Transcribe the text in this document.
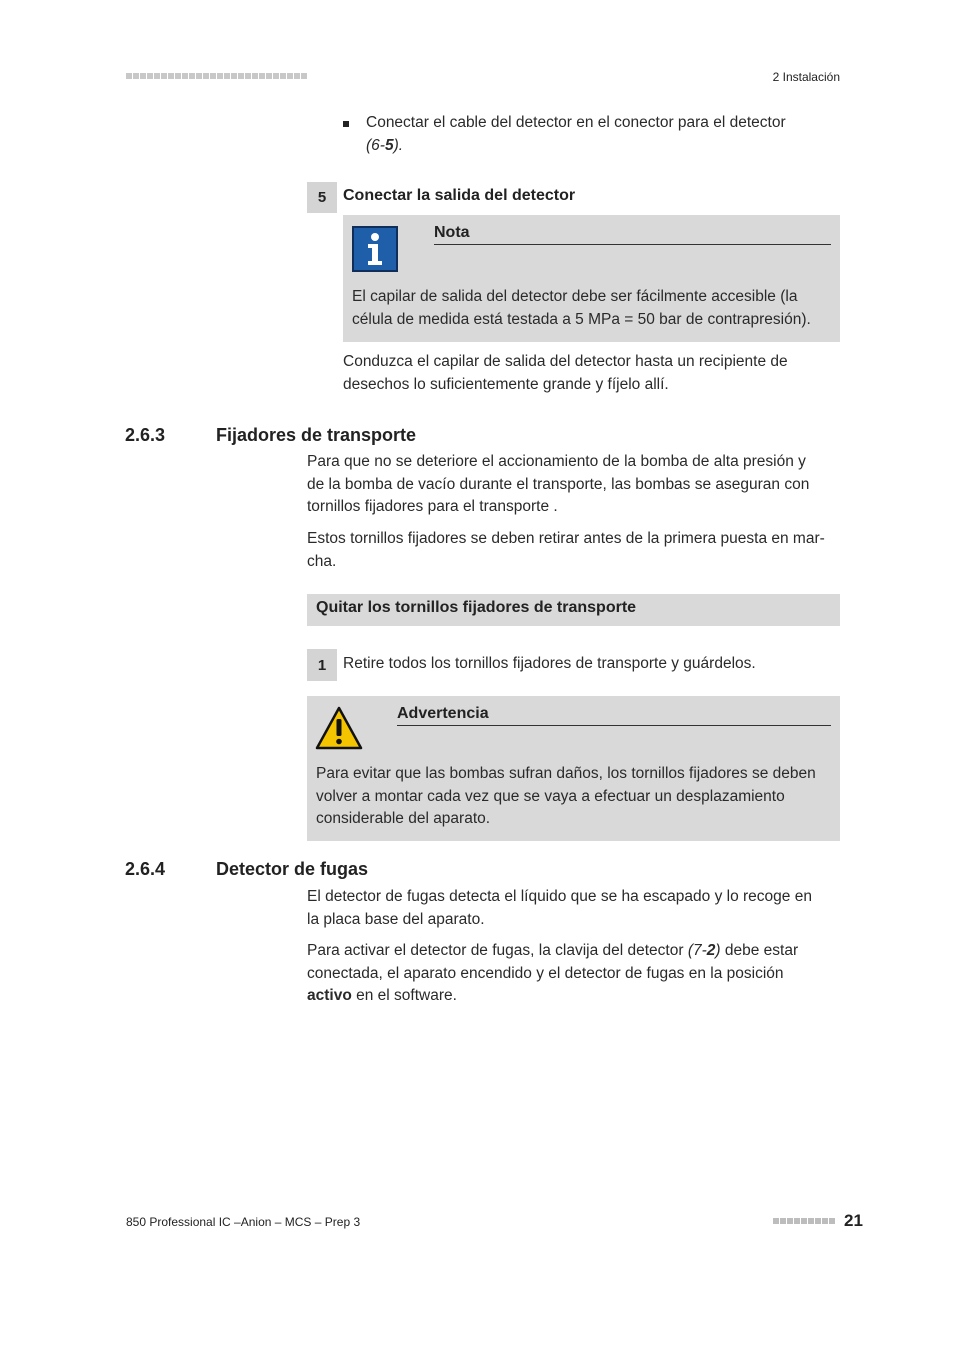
2 Instalación
Conectar el cable del detector en el conector para el detector
(6-5).
5	Conectar la salida del detector
Nota
El capilar de salida del detector debe ser fácilmente accesible (la
célula de medida está testada a 5 MPa = 50 bar de contrapresión).
Conduzca el capilar de salida del detector hasta un recipiente de
desechos lo suficientemente grande y fíjelo allí.
2.6.3	Fijadores de transporte
Para que no se deteriore el accionamiento de la bomba de alta presión y
de la bomba de vacío durante el transporte, las bombas se aseguran con
tornillos fijadores para el transporte .
Estos tornillos fijadores se deben retirar antes de la primera puesta en mar-
cha.
Quitar los tornillos fijadores de transporte
1	Retire todos los tornillos fijadores de transporte y guárdelos.
Advertencia
Para evitar que las bombas sufran daños, los tornillos fijadores se deben
volver a montar cada vez que se vaya a efectuar un desplazamiento
considerable del aparato.
2.6.4	Detector de fugas
El detector de fugas detecta el líquido que se ha escapado y lo recoge en
la placa base del aparato.
Para activar el detector de fugas, la clavija del detector (7-2) debe estar
conectada, el aparato encendido y el detector de fugas en la posición
activo en el software.
850 Professional IC –Anion – MCS – Prep 3	21
